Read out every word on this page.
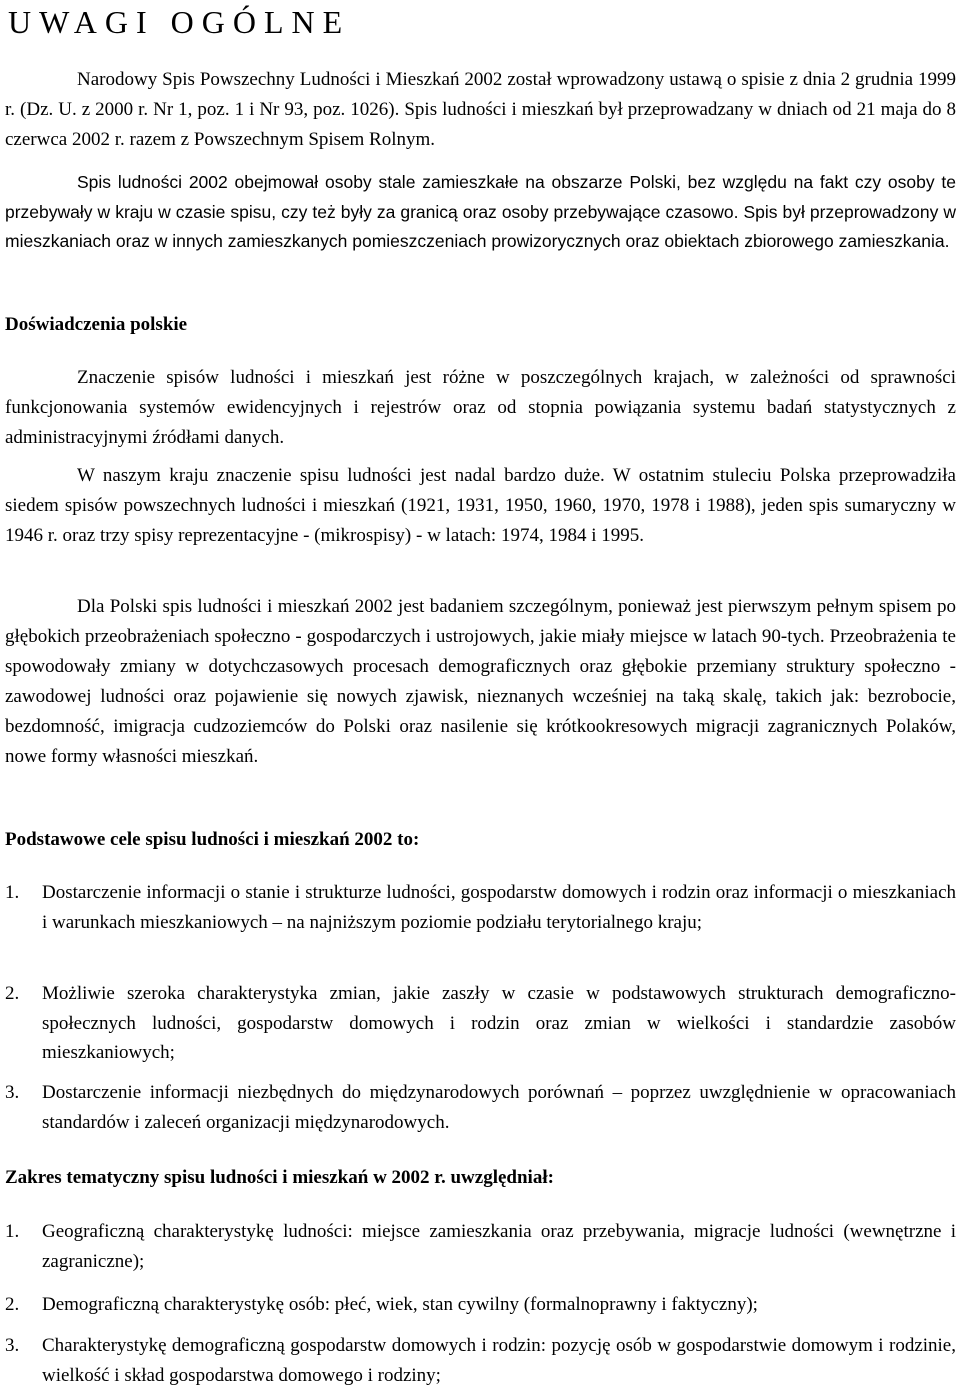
UWAGI OGÓLNE

Narodowy Spis Powszechny Ludności i Mieszkań 2002 został wprowadzony ustawą o spisie z dnia 2 grudnia 1999 r. (Dz. U. z 2000 r. Nr 1, poz. 1 i Nr 93, poz. 1026). Spis ludności i mieszkań był przeprowadzany w dniach od 21 maja do 8 czerwca 2002 r. razem z Powszechnym Spisem Rolnym.

Spis ludności 2002 obejmował osoby stale zamieszkałe na obszarze Polski, bez względu na fakt czy osoby te przebywały w kraju w czasie spisu, czy też były za granicą oraz osoby przebywające czasowo. Spis był przeprowadzony w mieszkaniach oraz w innych zamieszkanych pomieszczeniach prowizorycznych oraz obiektach zbiorowego zamieszkania.

Doświadczenia polskie

Znaczenie spisów ludności i mieszkań jest różne w poszczególnych krajach, w zależności od sprawności funkcjonowania systemów ewidencyjnych i rejestrów oraz od stopnia powiązania systemu badań statystycznych z administracyjnymi źródłami danych.

W naszym kraju znaczenie spisu ludności jest nadal bardzo duże. W ostatnim stuleciu Polska przeprowadziła siedem spisów powszechnych ludności i mieszkań (1921, 1931, 1950, 1960, 1970, 1978 i 1988), jeden spis sumaryczny w 1946 r. oraz trzy spisy reprezentacyjne - (mikrospisy) - w latach: 1974, 1984 i 1995.

Dla Polski spis ludności i mieszkań 2002 jest badaniem szczególnym, ponieważ jest pierwszym pełnym spisem po głębokich przeobrażeniach społeczno - gospodarczych i ustrojowych, jakie miały miejsce w latach 90-tych. Przeobrażenia te spowodowały zmiany w dotychczasowych procesach demograficznych oraz głębokie przemiany struktury społeczno - zawodowej ludności oraz pojawienie się nowych zjawisk, nieznanych wcześniej na taką skalę, takich jak: bezrobocie, bezdomność, imigracja cudzoziemców do Polski oraz nasilenie się krótkookresowych migracji zagranicznych Polaków, nowe formy własności mieszkań.

Podstawowe cele spisu ludności i mieszkań 2002 to:
1. Dostarczenie informacji o stanie i strukturze ludności, gospodarstw domowych i rodzin oraz informacji o mieszkaniach i warunkach mieszkaniowych – na najniższym poziomie podziału terytorialnego kraju;
2. Możliwie szeroka charakterystyka zmian, jakie zaszły w czasie w podstawowych strukturach demograficzno-społecznych ludności, gospodarstw domowych i rodzin oraz zmian w wielkości i standardzie zasobów mieszkaniowych;
3. Dostarczenie informacji niezbędnych do międzynarodowych porównań – poprzez uwzględnienie w opracowaniach standardów i zaleceń organizacji międzynarodowych.
Zakres tematyczny spisu ludności i mieszkań w 2002 r. uwzględniał:
1. Geograficzną charakterystykę ludności: miejsce zamieszkania oraz przebywania, migracje ludności (wewnętrzne i zagraniczne);
2. Demograficzną charakterystykę osób: płeć, wiek, stan cywilny (formalnoprawny i faktyczny);
3. Charakterystykę demograficzną gospodarstw domowych i rodzin: pozycję osób w gospodarstwie domowym i rodzinie, wielkość i skład gospodarstwa domowego i rodziny;
